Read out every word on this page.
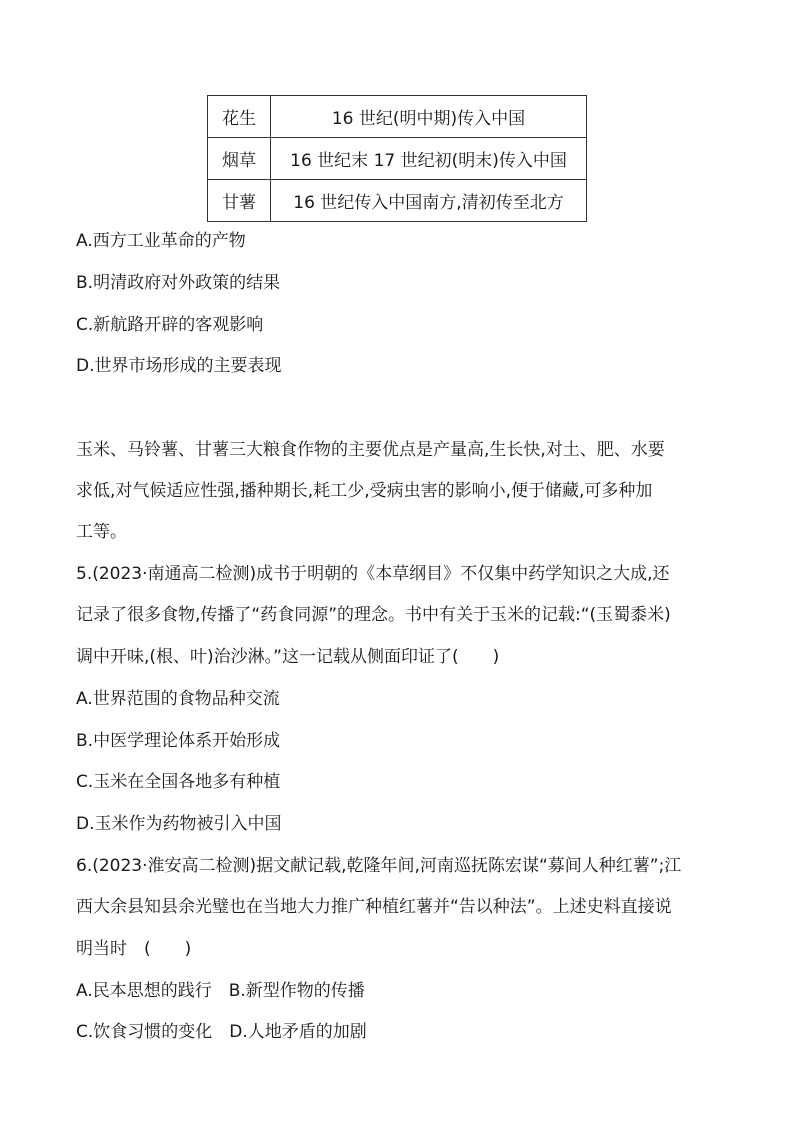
花生	16 世纪(明中期)传入中国
烟草	16 世纪末 17 世纪初(明末)传入中国
甘薯	16 世纪传入中国南方,清初传至北方
A.西方工业革命的产物
B.明清政府对外政策的结果
C.新航路开辟的客观影响
D.世界市场形成的主要表现
玉米、马铃薯、甘薯三大粮食作物的主要优点是产量高,生长快,对土、肥、水要
求低,对气候适应性强,播种期长,耗工少,受病虫害的影响小,便于储藏,可多种加
工等。
5.(2023·南通高二检测)成书于明朝的《本草纲目》不仅集中药学知识之大成,还
记录了很多食物,传播了“药食同源”的理念。书中有关于玉米的记载:“(玉蜀黍米)
调中开味,(根、叶)治沙淋。”这一记载从侧面印证了(　　)
A.世界范围的食物品种交流
B.中医学理论体系开始形成
C.玉米在全国各地多有种植
D.玉米作为药物被引入中国
6.(2023·淮安高二检测)据文献记载,乾隆年间,河南巡抚陈宏谋“募间人种红薯”;江
西大余县知县余光璧也在当地大力推广种植红薯并“告以种法”。上述史料直接说
明当时　(　　)
A.民本思想的践行　B.新型作物的传播
C.饮食习惯的变化　D.人地矛盾的加剧
